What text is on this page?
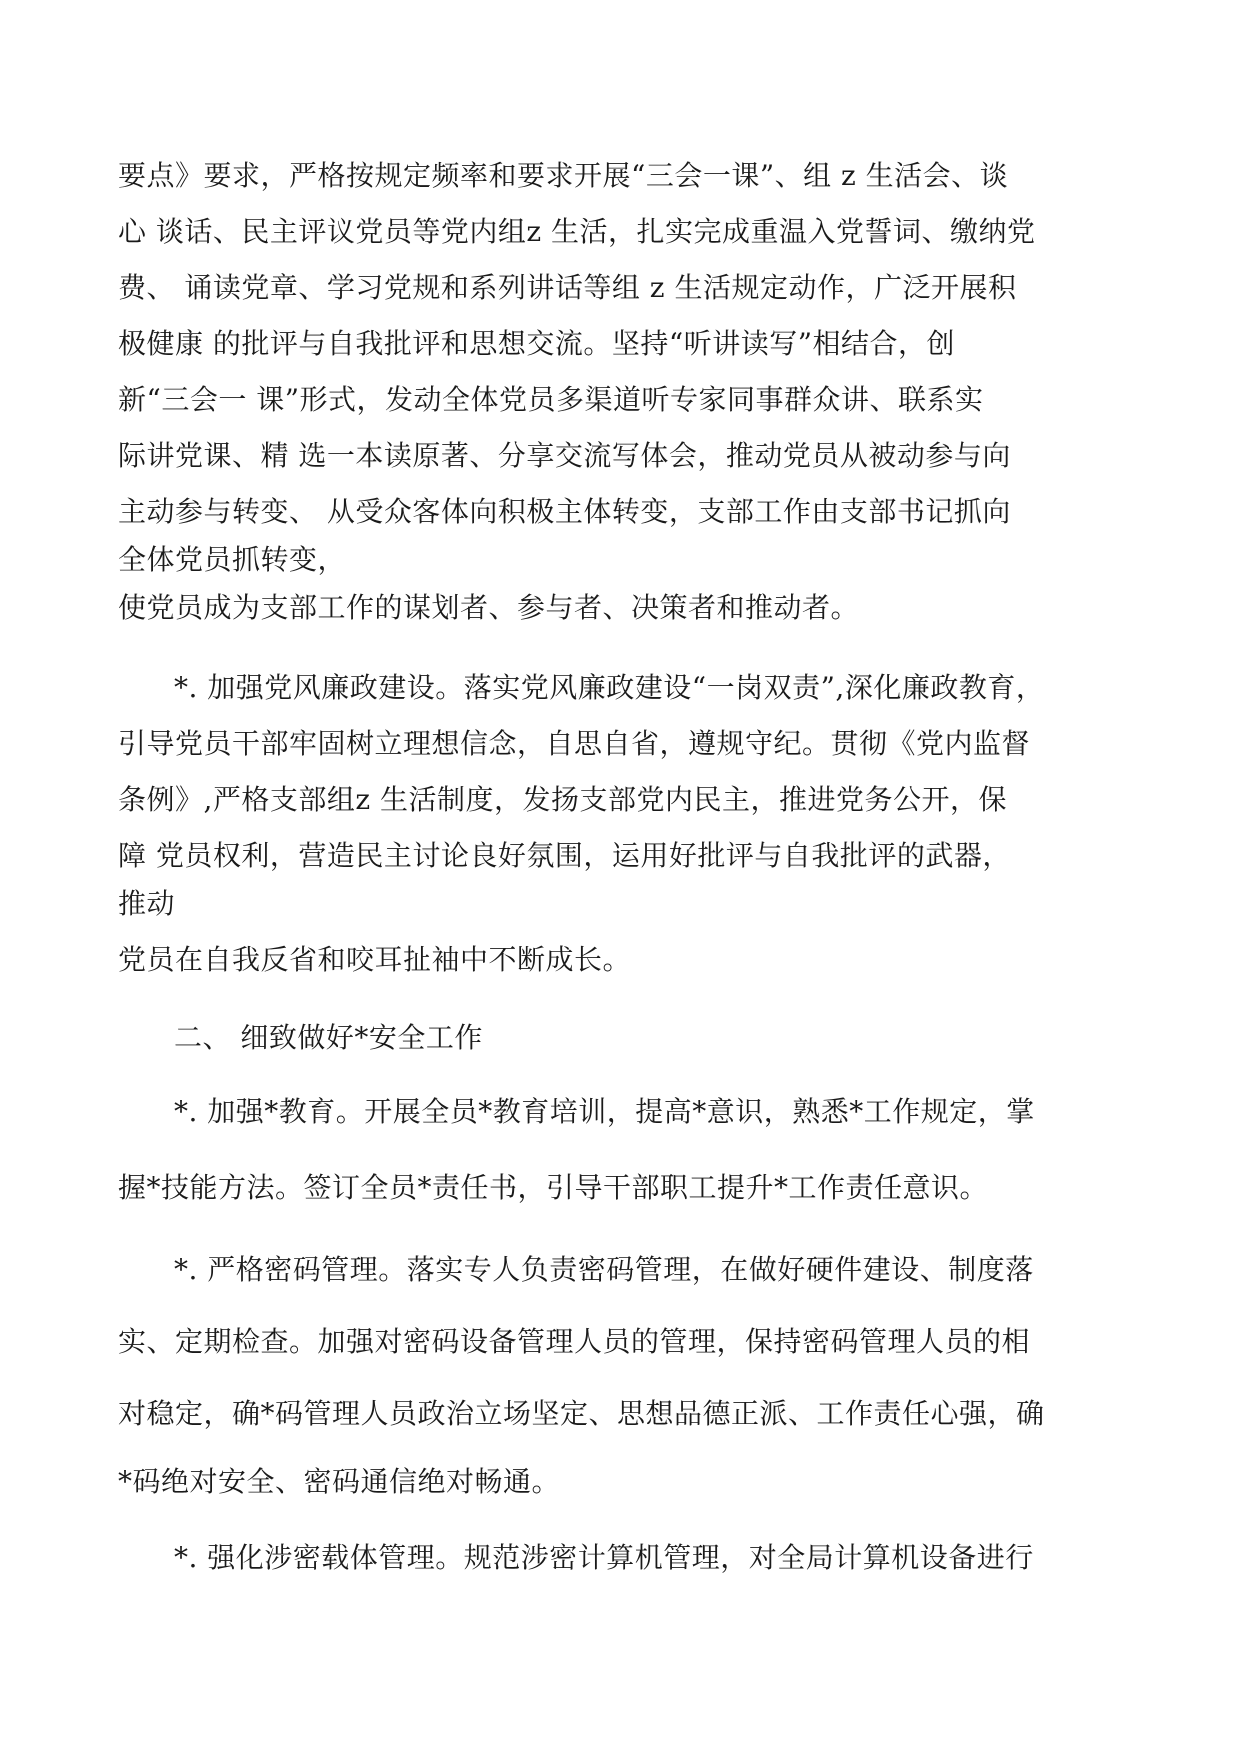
要点》要求，严格按规定频率和要求开展“三会一课”、组 z 生活会、谈

心 谈话、民主评议党员等党内组z 生活，扎实完成重温入党誓词、缴纳党

费、 诵读党章、学习党规和系列讲话等组 z 生活规定动作，广泛开展积

极健康 的批评与自我批评和思想交流。坚持“听讲读写”相结合，创

新“三会一 课”形式，发动全体党员多渠道听专家同事群众讲、联系实

际讲党课、精 选一本读原著、分享交流写体会，推动党员从被动参与向

主动参与转变、 从受众客体向积极主体转变，支部工作由支部书记抓向

全体党员抓转变，

使党员成为支部工作的谋划者、参与者、决策者和推动者。

*. 加强党风廉政建设。落实党风廉政建设“一岗双责”,深化廉政教育，

引导党员干部牢固树立理想信念，自思自省，遵规守纪。贯彻《党内监督

条例》,严格支部组z 生活制度，发扬支部党内民主，推进党务公开，保

障 党员权利，营造民主讨论良好氛围，运用好批评与自我批评的武器，

推动

党员在自我反省和咬耳扯袖中不断成长。

二、 细致做好*安全工作

*. 加强*教育。开展全员*教育培训，提高*意识，熟悉*工作规定，掌

握*技能方法。签订全员*责任书，引导干部职工提升*工作责任意识。

*. 严格密码管理。落实专人负责密码管理，在做好硬件建设、制度落

实、定期检查。加强对密码设备管理人员的管理，保持密码管理人员的相

对稳定，确*码管理人员政治立场坚定、思想品德正派、工作责任心强，确

*码绝对安全、密码通信绝对畅通。

*. 强化涉密载体管理。规范涉密计算机管理，对全局计算机设备进行
